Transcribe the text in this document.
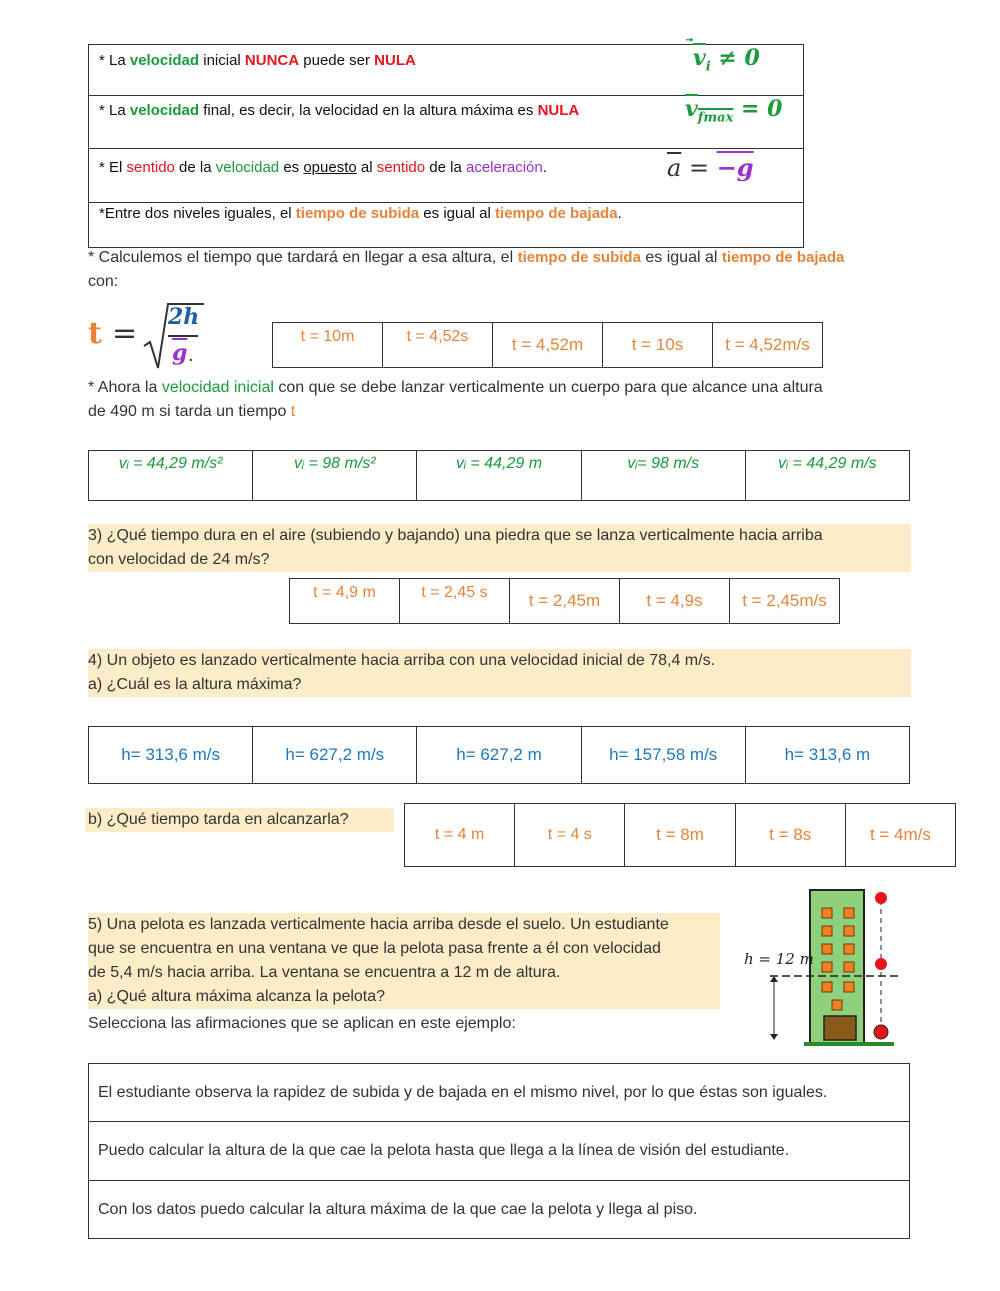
* La velocidad inicial NUNCA puede ser NULA	$\overline{v}_i \ne 0$
* La velocidad final, es decir, la velocidad en la altura máxima es NULA	$v_{fmax} = 0$
* El sentido de la velocidad es opuesto al sentido de la aceleración.	$\overline{a} = -g$
*Entre dos niveles iguales, el tiempo de subida es igual al tiempo de bajada.
* Calculemos el tiempo que tardará en llegar a esa altura, el tiempo de subida es igual al tiempo de bajada
con:
t = 2h
$\overline{g}$ .
t = 10m	t = 4,52s	t = 4,52m	t = 10s	t = 4,52m/s
* Ahora la velocidad inicial con que se debe lanzar verticalmente un cuerpo para que alcance una altura
de 490 m si tarda un tiempo t
vᵢ = 44,29 m/s²	vᵢ = 98 m/s²	vᵢ = 44,29 m	vᵢ= 98 m/s	vᵢ = 44,29 m/s
3) ¿Qué tiempo dura en el aire (subiendo y bajando) una piedra que se lanza verticalmente hacia arriba
con velocidad de 24 m/s?
t = 4,9 m	t = 2,45 s	t = 2,45m	t = 4,9s	t = 2,45m/s
4) Un objeto es lanzado verticalmente hacia arriba con una velocidad inicial de 78,4 m/s.
a) ¿Cuál es la altura máxima?
h= 313,6 m/s	h= 627,2 m/s	h= 627,2 m	h= 157,58 m/s	h= 313,6 m
b) ¿Qué tiempo tarda en alcanzarla?
t = 4 m	t = 4 s	t = 8m	t = 8s	t = 4m/s
5) Una pelota es lanzada verticalmente hacia arriba desde el suelo. Un estudiante
que se encuentra en una ventana ve que la pelota pasa frente a él con velocidad
de 5,4 m/s hacia arriba. La ventana se encuentra a 12 m de altura.
a) ¿Qué altura máxima alcanza la pelota?
Selecciona las afirmaciones que se aplican en este ejemplo:
h = 12 m
El estudiante observa la rapidez de subida y de bajada en el mismo nivel, por lo que éstas son iguales.
Puedo calcular la altura de la que cae la pelota hasta que llega a la línea de visión del estudiante.
Con los datos puedo calcular la altura máxima de la que cae la pelota y llega al piso.
